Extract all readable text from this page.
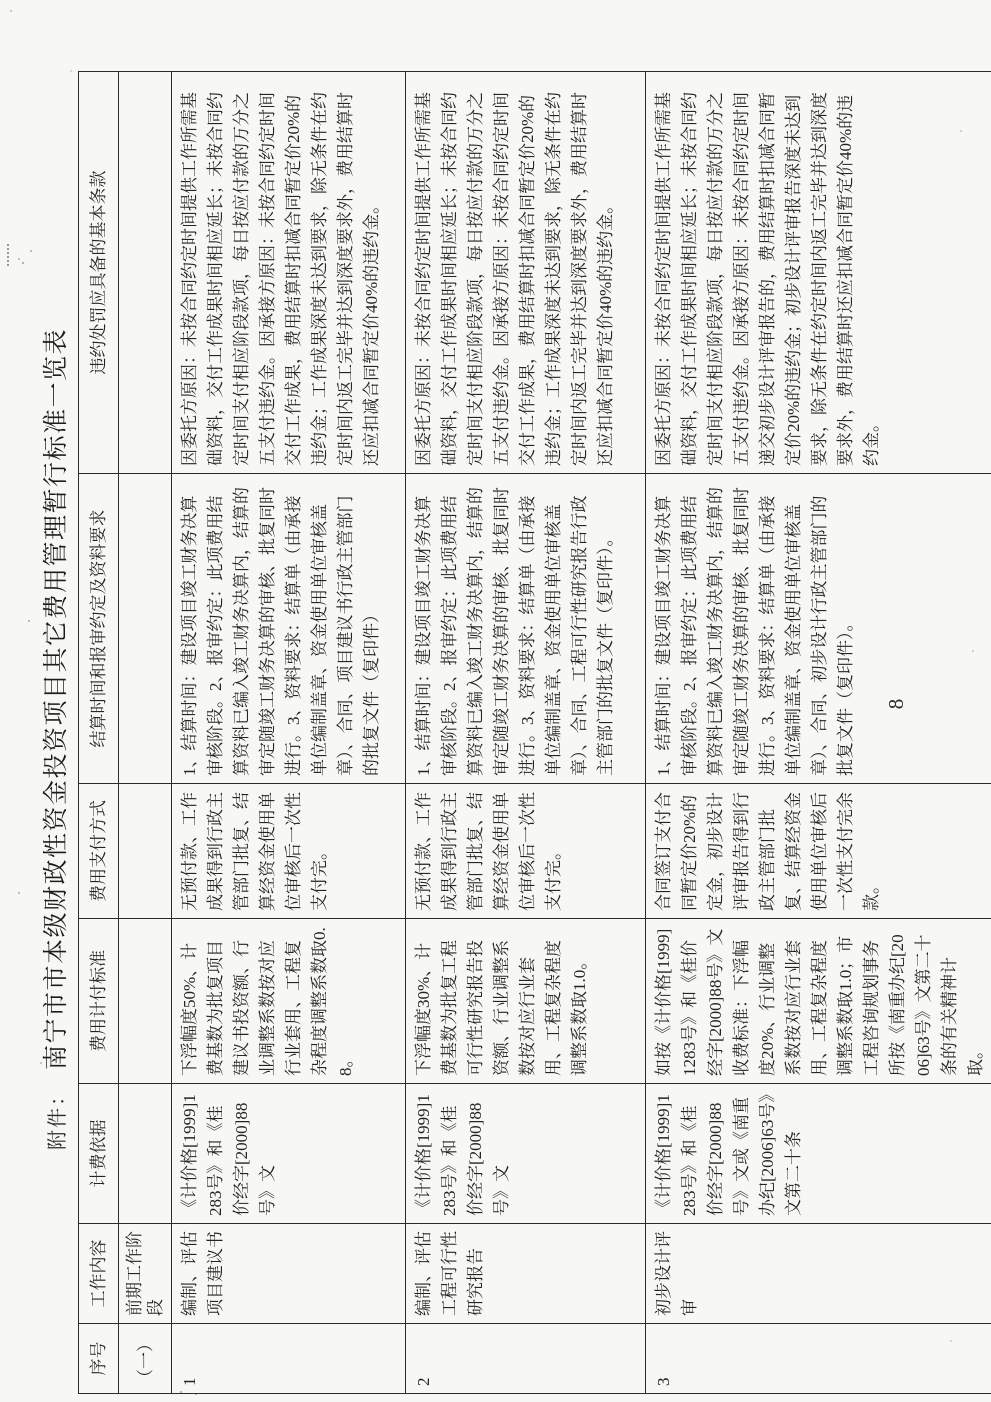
附件：
南宁市市本级财政性资金投资项目其它费用管理暂行标准一览表
序号	工作内容	计费依据	费用计付标准	费用支付方式	结算时间和报审约定及资料要求	违约处罚应具备的基本条款
（一）	前期工作阶段					
1	编制、评估项目建议书	《计价格[1999]1283号》和《桂价经字[2000]88号》文	下浮幅度50%、计费基数为批复项目建议书投资额、行业调整系数按对应行业套用、工程复杂程度调整系数取0.8。	无预付款、工作成果得到行政主管部门批复、结算经资金使用单位审核后一次性支付完。	1、结算时间：建设项目竣工财务决算审核阶段。2、报审约定：此项费用结算资料已编入竣工财务决算内，结算的审定随竣工财务决算的审核、批复同时进行。3、资料要求：结算单（由承接单位编制盖章、资金使用单位审核盖章）、合同、项目建议书行政主管部门的批复文件（复印件）	因委托方原因：未按合同约定时间提供工作所需基础资料，交付工作成果时间相应延长；未按合同约定时间支付相应阶段款项，每日按应付款的万分之五支付违约金。因承接方原因：未按合同约定时间交付工作成果，费用结算时扣减合同暂定价20%的违约金；工作成果深度未达到要求，除无条件在约定时间内返工完毕并达到深度要求外，费用结算时还应扣减合同暂定价40%的违约金。
2	编制、评估工程可行性研究报告	《计价格[1999]1283号》和《桂价经字[2000]88号》文	下浮幅度30%、计费基数为批复工程可行性研究报告投资额、行业调整系数按对应行业套用、工程复杂程度调整系数取1.0。	无预付款、工作成果得到行政主管部门批复、结算经资金使用单位审核后一次性支付完。	1、结算时间：建设项目竣工财务决算审核阶段。2、报审约定：此项费用结算资料已编入竣工财务决算内，结算的审定随竣工财务决算的审核、批复同时进行。3、资料要求：结算单（由承接单位编制盖章、资金使用单位审核盖章）、合同、工程可行性研究报告行政主管部门的批复文件（复印件）。	因委托方原因：未按合同约定时间提供工作所需基础资料，交付工作成果时间相应延长；未按合同约定时间支付相应阶段款项，每日按应付款的万分之五支付违约金。因承接方原因：未按合同约定时间交付工作成果，费用结算时扣减合同暂定价20%的违约金；工作成果深度未达到要求，除无条件在约定时间内返工完毕并达到深度要求外，费用结算时还应扣减合同暂定价40%的违约金。
3	初步设计评审	《计价格[1999]1283号》和《桂价经字[2000]88号》文或《南重办纪[2006]63号》文第二十条	如按《计价格[1999]1283号》和《桂价经字[2000]88号》文收费标准：下浮幅度20%、行业调整系数按对应行业套用、工程复杂程度调整系数取1.0；市工程咨询规划事务所按《南重办纪[2006]63号》文第二十条的有关精神计取。	合同签订支付合同暂定价20%的定金，初步设计评审报告得到行政主管部门批复、结算经资金使用单位审核后一次性支付完余款。	1、结算时间：建设项目竣工财务决算审核阶段。2、报审约定：此项费用结算资料已编入竣工财务决算内，结算的审定随竣工财务决算的审核、批复同时进行。3、资料要求：结算单（由承接单位编制盖章、资金使用单位审核盖章）、合同、初步设计行政主管部门的批复文件（复印件）。	因委托方原因：未按合同约定时间提供工作所需基础资料，交付工作成果时间相应延长；未按合同约定时间支付相应阶段款项，每日按应付款的万分之五支付违约金。因承接方原因：未按合同约定时间递交初步设计评审报告的，费用结算时扣减合同暂定价20%的违约金；初步设计评审报告深度未达到要求，除无条件在约定时间内返工完毕并达到深度要求外，费用结算时还应扣减合同暂定价40%的违约金。
8
